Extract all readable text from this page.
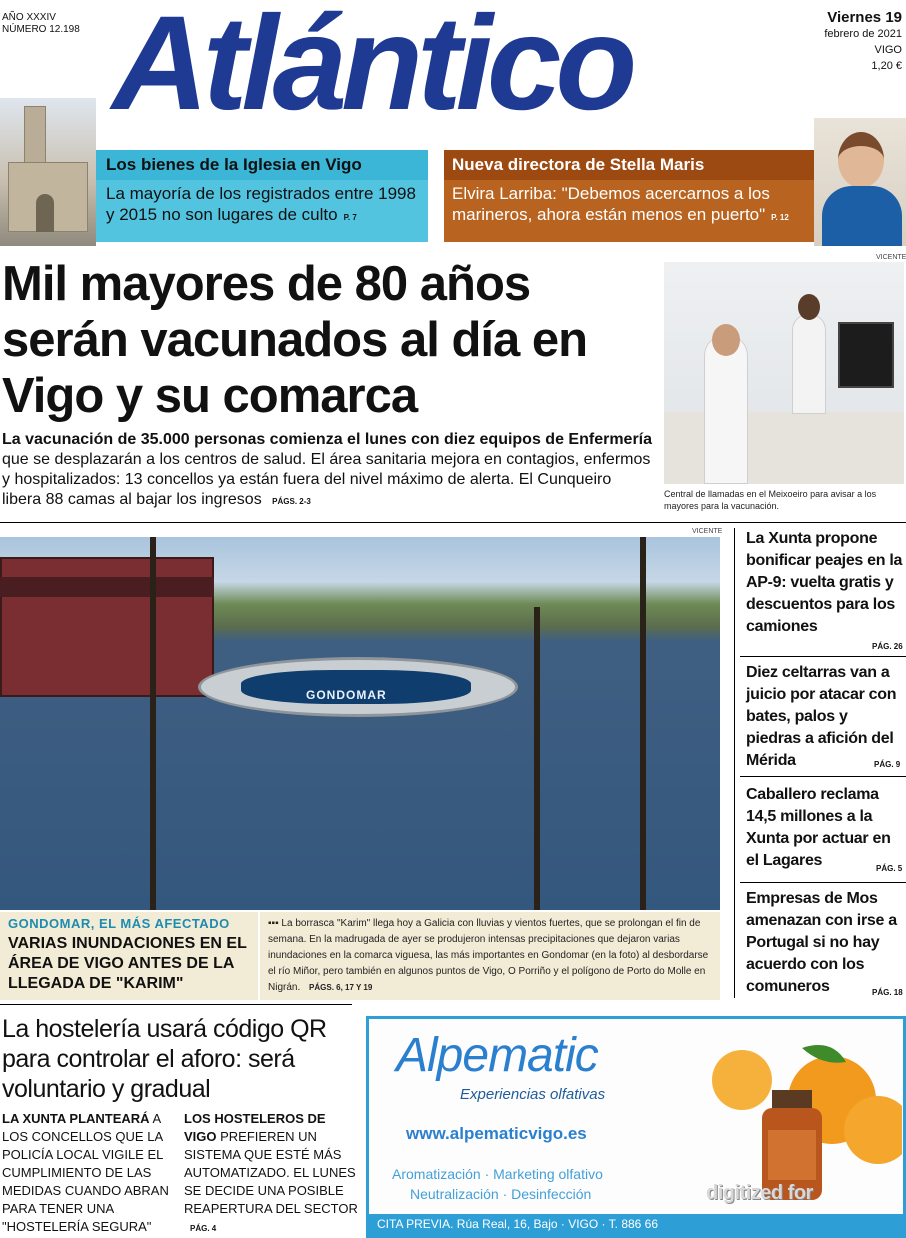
AÑO XXXIV
NÚMERO 12.198 Atlántico	Viernes 19
febrero de 2021
VIGO
1,20 €
Los bienes de la Iglesia en Vigo
La mayoría de los registrados entre 1998 y 2015 no son lugares de culto P. 7
Nueva directora de Stella Maris
Elvira Larriba: "Debemos acercarnos a los marineros, ahora están menos en puerto" P. 12
Mil mayores de 80 años serán vacunados al día en Vigo y su comarca
La vacunación de 35.000 personas comienza el lunes con diez equipos de Enfermería que se desplazarán a los centros de salud. El área sanitaria mejora en contagios, enfermos y hospitalizados: 13 concellos ya están fuera del nivel máximo de alerta. El Cunqueiro libera 88 camas al bajar los ingresos PÁGS. 2-3
VICENTE
Central de llamadas en el Meixoeiro para avisar a los mayores para la vacunación.
VICENTE
GONDOMAR
GONDOMAR, EL MÁS AFECTADO
VARIAS INUNDACIONES EN EL ÁREA DE VIGO ANTES DE LA LLEGADA DE "KARIM"
▪▪▪ La borrasca "Karim" llega hoy a Galicia con lluvias y vientos fuertes, que se prolongan el fin de semana. En la madrugada de ayer se produjeron intensas precipitaciones que dejaron varias inundaciones en la comarca viguesa, las más importantes en Gondomar (en la foto) al desbordarse el río Miñor, pero también en algunos puntos de Vigo, O Porriño y el polígono de Porto do Molle en Nigrán. PÁGS. 6, 17 Y 19
La Xunta propone bonificar peajes en la AP-9: vuelta gratis y descuentos para los camiones
PÁG. 26
Diez celtarras van a juicio por atacar con bates, palos y piedras a afición del Mérida	PÁG. 9
Caballero reclama 14,5 millones a la Xunta por actuar en el Lagares	PÁG. 5
Empresas de Mos amenazan con irse a Portugal si no hay acuerdo con los comuneros	PÁG. 18
La hostelería usará código QR para controlar el aforo: será voluntario y gradual
LA XUNTA PLANTEARÁ A LOS CONCELLOS QUE LA POLICÍA LOCAL VIGILE EL CUMPLIMIENTO DE LAS MEDIDAS CUANDO ABRAN PARA TENER UNA "HOSTELERÍA SEGURA"
LOS HOSTELEROS DE VIGO PREFIEREN UN SISTEMA QUE ESTÉ MÁS AUTOMATIZADO. EL LUNES SE DECIDE UNA POSIBLE REAPERTURA DEL SECTOR PÁG. 4
Alpematic
Experiencias olfativas
www.alpematicvigo.es
Aromatización · Marketing olfativo
Neutralización · Desinfección
CITA PREVIA. Rúa Real, 16, Bajo · VIGO · T. 886 66
digitized for
